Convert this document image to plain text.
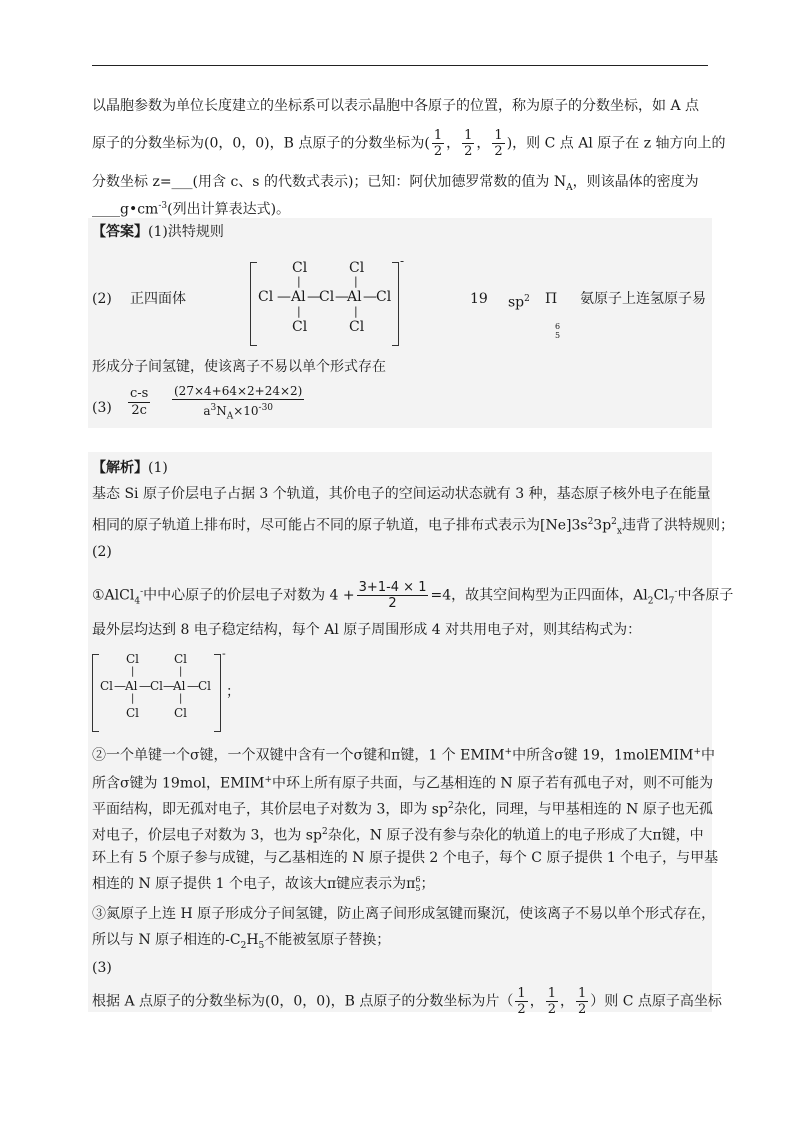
以晶胞参数为单位长度建立的坐标系可以表示晶胞中各原子的位置，称为原子的分数坐标，如 A 点
原子的分数坐标为(0，0，0)，B 点原子的分数坐标为( $\frac{1}{2}$ ， $\frac{1}{2}$ ， $\frac{1}{2}$ )，则 C 点 Al 原子在 z 轴方向上的
分数坐标 z=___(用含 c、s 的代数式表示)；已知：阿伏加德罗常数的值为 $N_A$，则该晶体的密度为
$\_\_\_\_g•cm^{-3}$(列出计算表达式)。
【答案】(1)洪特规则
(2) 正四面体
-
Cl	Cl
|	|
Cl — Al —
Cl —
Al — Cl
|	|
Cl	Cl
19 $sp^2$ Π
6
5
氨原子上连氢原子易
形成分子间氢键，使该离子不易以单个形式存在
(3)
c-s
2c
(27×4+64×2+24×2)
$a^3N_A\times 10^{-30}$
【解析】(1)
基态 Si 原子价层电子占据 3 个轨道，其价电子的空间运动状态就有 3 种，基态原子核外电子在能量
相同的原子轨道上排布时，尽可能占不同的原子轨道，电子排布式表示为$[Ne]3s^23p^2_x$违背了洪特规则；
(2)
①AlCl$_4$-中中心原子的价层电子对数为 $4 + \frac{3+1-4 \times 1}{2} =4$，故其空间构型为正四面体，$Al_2Cl_7^-$中各原子
最外层均达到 8 电子稳定结构，每个 Al 原子周围形成 4 对共用电子对，则其结构式为：
-
Cl	Cl
|	|
Cl — Al — Cl —
Al — Cl
|	|
Cl	Cl
；
②一个单键一个σ键，一个双键中含有一个σ键和π键，1 个 EMIM+中所含σ键 19，1molEMIM+中
所含σ键为 19mol，EMIM+中环上所有原子共面，与乙基相连的 N 原子若有孤电子对，则不可能为
平面结构，即无孤对电子，其价层电子对数为 3，即为 $sp^2$杂化，同理，与甲基相连的 N 原子也无孤
对电子，价层电子对数为 3，也为 $sp^2$杂化，N 原子没有参与杂化的轨道上的电子形成了大π键，中
环上有 5 个原子参与成键，与乙基相连的 N 原子提供 2 个电子，每个 C 原子提供 1 个电子，与甲基
相连的 N 原子提供 1 个电子，故该大π键应表示为π 6
5 ；
③氮原子上连 H 原子形成分子间氢键，防止离子间形成氢键而聚沉，使该离子不易以单个形式存在，
所以与 N 原子相连的$-C_2H_5$不能被氢原子替换；
(3)
根据 A 点原子的分数坐标为(0，0，0)，B 点原子的分数坐标为片（ $\frac{1}{2}$ ， $\frac{1}{2}$ ， $\frac{1}{2}$ ）则 C 点原子高坐标
